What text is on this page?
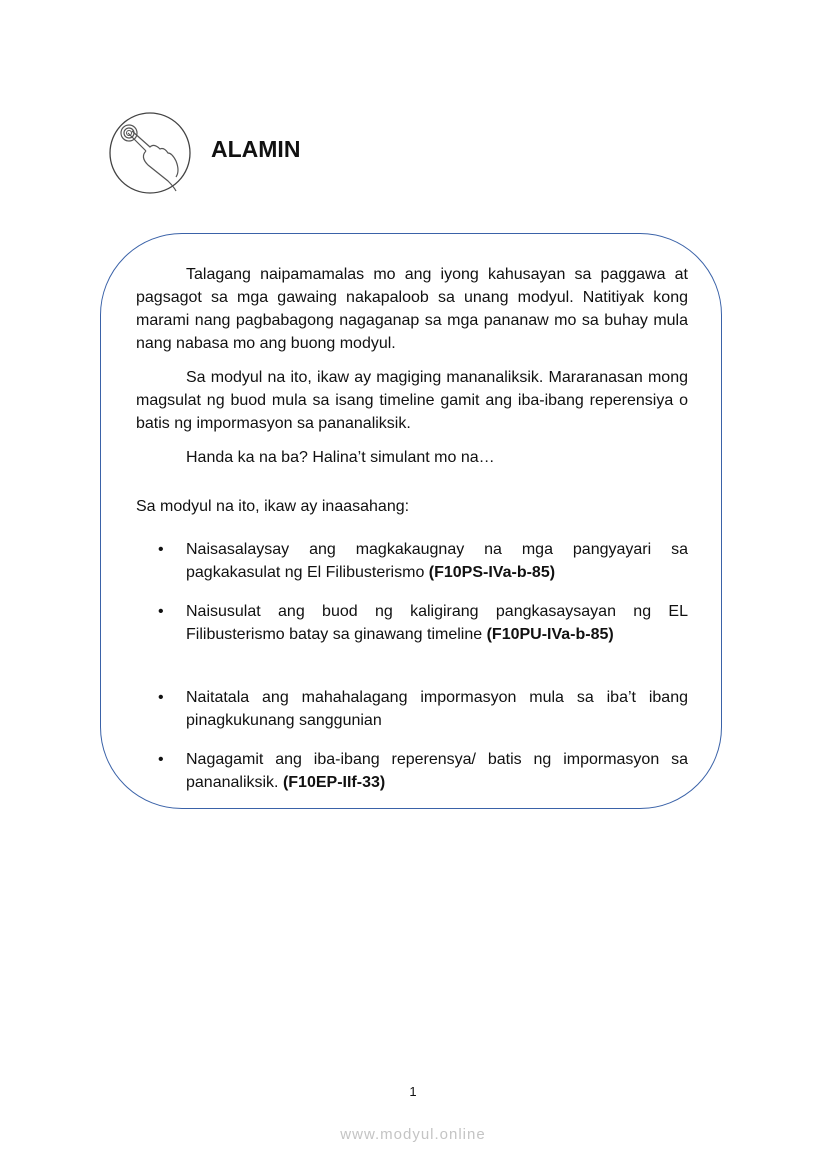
ALAMIN

Talagang naipamamalas mo ang iyong kahusayan sa paggawa at pagsagot sa mga gawaing nakapaloob sa unang modyul. Natitiyak kong marami nang pagbabagong nagaganap sa mga pananaw mo sa buhay mula nang nabasa mo ang buong modyul.

Sa modyul na ito, ikaw ay magiging mananaliksik. Mararanasan mong magsulat ng buod mula sa isang timeline gamit ang iba-ibang reperensiya o batis ng impormasyon sa pananaliksik.

Handa ka na ba? Halina’t simulant mo na…

Sa modyul na ito, ikaw ay inaasahang:

• Naisasalaysay ang magkakaugnay na mga pangyayari sa pagkakasulat ng El Filibusterismo (F10PS-IVa-b-85)
• Naisusulat ang buod ng kaligirang pangkasaysayan ng EL Filibusterismo batay sa ginawang timeline (F10PU-IVa-b-85)
• Naitatala ang mahahalagang impormasyon mula sa iba’t ibang pinagkukunang sanggunian
• Nagagamit ang iba-ibang reperensya/ batis ng impormasyon sa pananaliksik. (F10EP-IIf-33)
1
www.modyul.online
